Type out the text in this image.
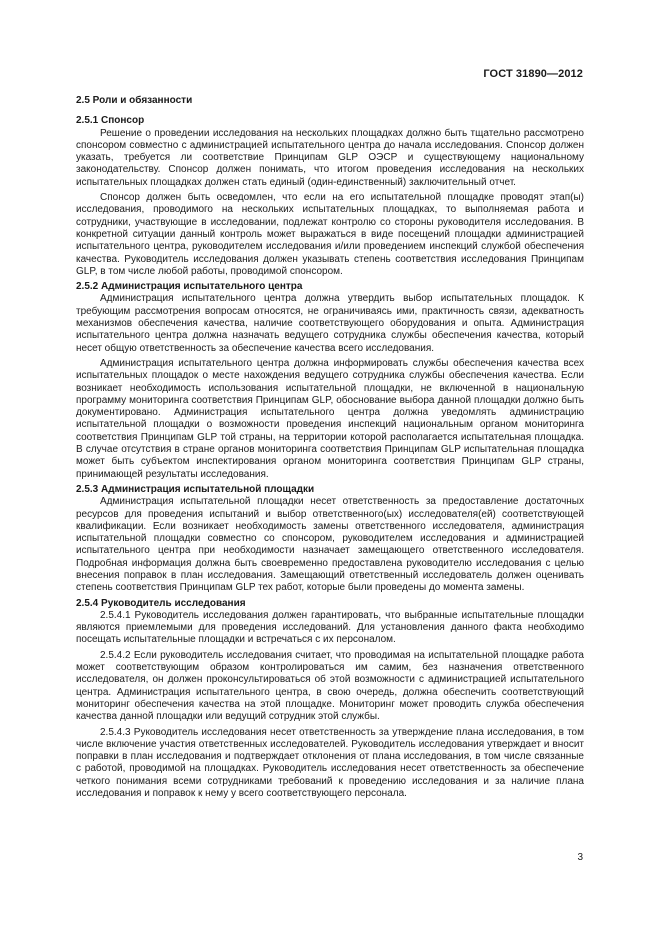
ГОСТ 31890—2012
2.5 Роли и обязанности
2.5.1 Спонсор
Решение о проведении исследования на нескольких площадках должно быть тщательно рассмотрено спонсором совместно с администрацией испытательного центра до начала исследования. Спонсор должен указать, требуется ли соответствие Принципам GLP ОЭСР и существующему национальному законодательству. Спонсор должен понимать, что итогом проведения исследования на нескольких испытательных площадках должен стать единый (один-единственный) заключительный отчет.
Спонсор должен быть осведомлен, что если на его испытательной площадке проводят этап(ы) исследования, проводимого на нескольких испытательных площадках, то выполняемая работа и сотрудники, участвующие в исследовании, подлежат контролю со стороны руководителя исследования. В конкретной ситуации данный контроль может выражаться в виде посещений площадки администрацией испытательного центра, руководителем исследования и/или проведением инспекций службой обеспечения качества. Руководитель исследования должен указывать степень соответствия исследования Принципам GLP, в том числе любой работы, проводимой спонсором.
2.5.2 Администрация испытательного центра
Администрация испытательного центра должна утвердить выбор испытательных площадок. К требующим рассмотрения вопросам относятся, не ограничиваясь ими, практичность связи, адекватность механизмов обеспечения качества, наличие соответствующего оборудования и опыта. Администрация испытательного центра должна назначать ведущего сотрудника службы обеспечения качества, который несет общую ответственность за обеспечение качества всего исследования.
Администрация испытательного центра должна информировать службы обеспечения качества всех испытательных площадок о месте нахождения ведущего сотрудника службы обеспечения качества. Если возникает необходимость использования испытательной площадки, не включенной в национальную программу мониторинга соответствия Принципам GLP, обоснование выбора данной площадки должно быть документировано. Администрация испытательного центра должна уведомлять администрацию испытательной площадки о возможности проведения инспекций национальным органом мониторинга соответствия Принципам GLP той страны, на территории которой располагается испытательная площадка. В случае отсутствия в стране органов мониторинга соответствия Принципам GLP испытательная площадка может быть субъектом инспектирования органом мониторинга соответствия Принципам GLP страны, принимающей результаты исследования.
2.5.3 Администрация испытательной площадки
Администрация испытательной площадки несет ответственность за предоставление достаточных ресурсов для проведения испытаний и выбор ответственного(ых) исследователя(ей) соответствующей квалификации. Если возникает необходимость замены ответственного исследователя, администрация испытательной площадки совместно со спонсором, руководителем исследования и администрацией испытательного центра при необходимости назначает замещающего ответственного исследователя. Подробная информация должна быть своевременно предоставлена руководителю исследования с целью внесения поправок в план исследования. Замещающий ответственный исследователь должен оценивать степень соответствия Принципам GLP тех работ, которые были проведены до момента замены.
2.5.4 Руководитель исследования
2.5.4.1 Руководитель исследования должен гарантировать, что выбранные испытательные площадки являются приемлемыми для проведения исследований. Для установления данного факта необходимо посещать испытательные площадки и встречаться с их персоналом.
2.5.4.2 Если руководитель исследования считает, что проводимая на испытательной площадке работа может соответствующим образом контролироваться им самим, без назначения ответственного исследователя, он должен проконсультироваться об этой возможности с администрацией испытательного центра. Администрация испытательного центра, в свою очередь, должна обеспечить соответствующий мониторинг обеспечения качества на этой площадке. Мониторинг может проводить служба обеспечения качества данной площадки или ведущий сотрудник этой службы.
2.5.4.3 Руководитель исследования несет ответственность за утверждение плана исследования, в том числе включение участия ответственных исследователей. Руководитель исследования утверждает и вносит поправки в план исследования и подтверждает отклонения от плана исследования, в том числе связанные с работой, проводимой на площадках. Руководитель исследования несет ответственность за обеспечение четкого понимания всеми сотрудниками требований к проведению исследования и за наличие плана исследования и поправок к нему у всего соответствующего персонала.
3
